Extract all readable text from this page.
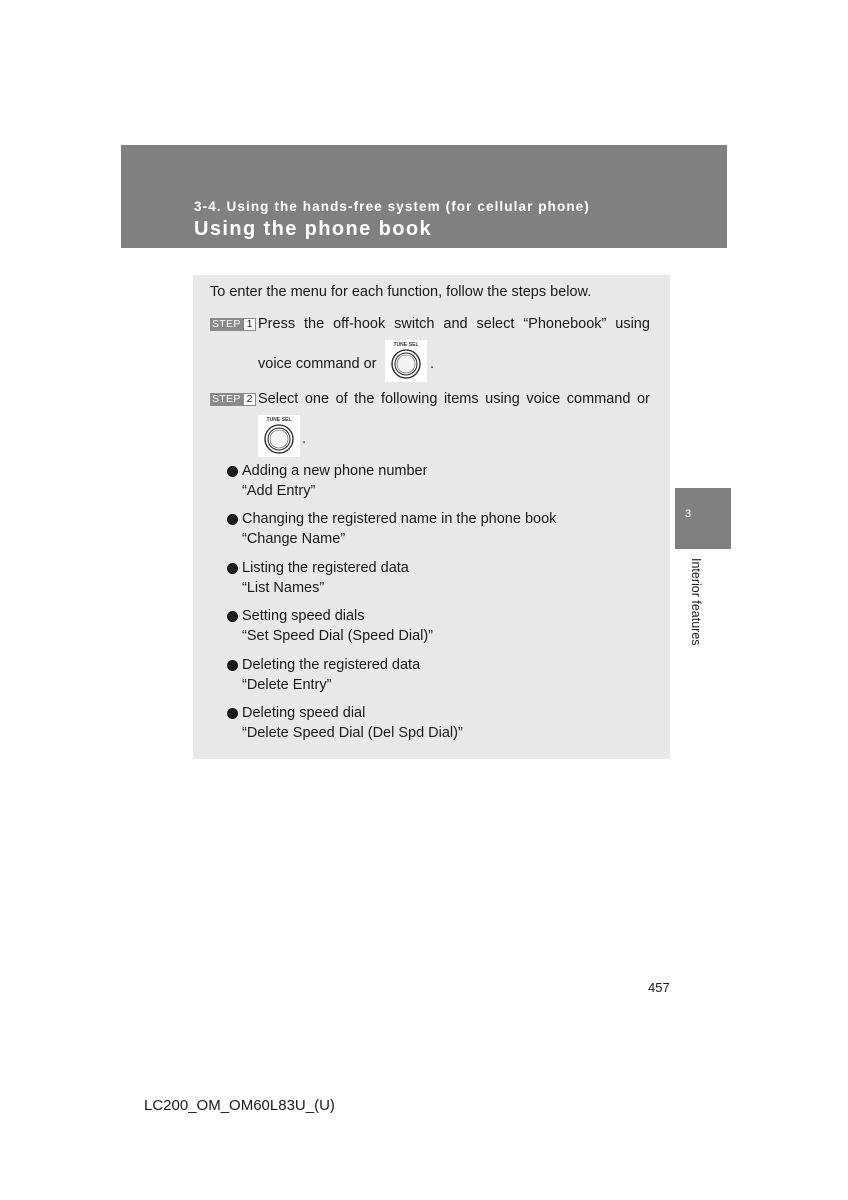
3-4. Using the hands-free system (for cellular phone)
Using the phone book
To enter the menu for each function, follow the steps below.
STEP 1 Press the off-hook switch and select “Phonebook” using
voice command or
TUNE·SEL
.
STEP 2 Select one of the following items using voice command or
TUNE·SEL
.
Adding a new phone number
“Add Entry”
Changing the registered name in the phone book
“Change Name”
Listing the registered data
“List Names”
Setting speed dials
“Set Speed Dial (Speed Dial)”
Deleting the registered data
“Delete Entry”
Deleting speed dial
“Delete Speed Dial (Del Spd Dial)”
3
Interior features
457
LC200_OM_OM60L83U_(U)
